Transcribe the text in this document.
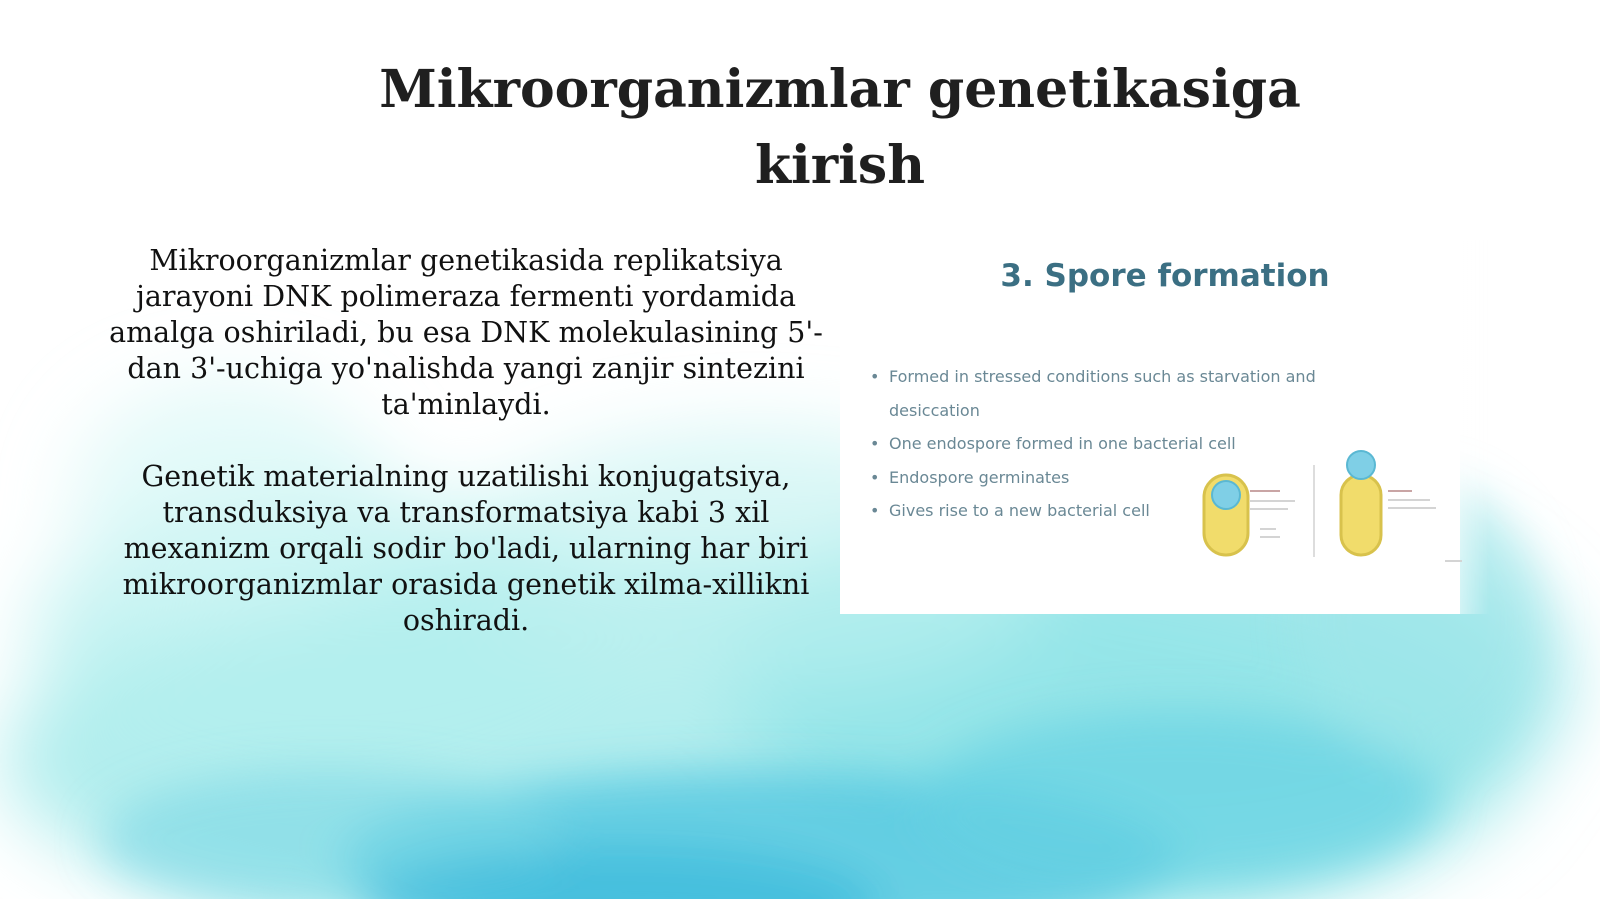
Mikroorganizmlar genetikasiga kirish

Mikroorganizmlar genetikasida replikatsiya jarayoni DNK polimeraza fermenti yordamida amalga oshiriladi, bu esa DNK molekulasining 5'-dan 3'-uchiga yo'nalishda yangi zanjir sintezini ta'minlaydi.

Genetik materialning uzatilishi konjugatsiya, transduksiya va transformatsiya kabi 3 xil mexanizm orqali sodir bo'ladi, ularning har biri mikroorganizmlar orasida genetik xilma-xillikni oshiradi.

3. Spore formation
• Formed in stressed conditions such as starvation and desiccation
• One endospore formed in one bacterial cell
• Endospore germinates
• Gives rise to a new bacterial cell
